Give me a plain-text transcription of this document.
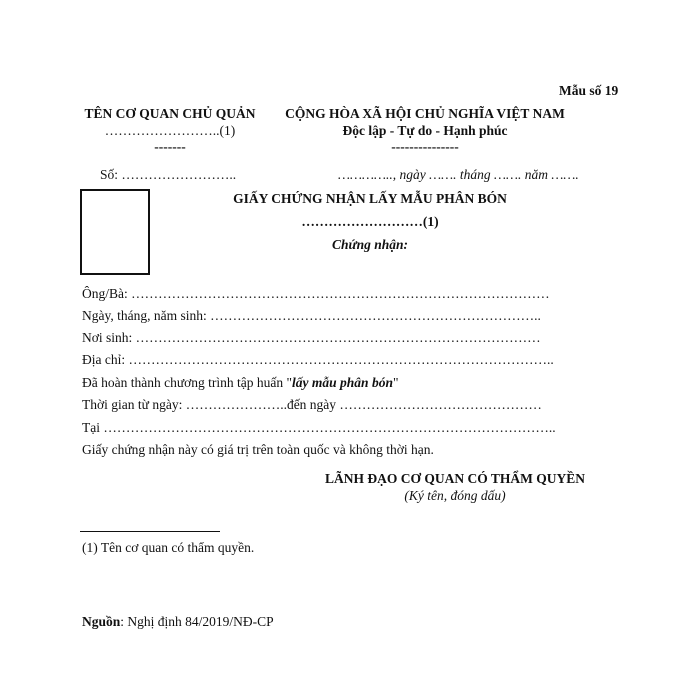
Mẫu số 19
TÊN CƠ QUAN CHỦ QUẢN
……………………..(1)
-------
CỘNG HÒA XÃ HỘI CHỦ NGHĨA VIỆT NAM
Độc lập - Tự do - Hạnh phúc
---------------
Số: ……………………..	………….., ngày ……. tháng ……. năm …….
GIẤY CHỨNG NHẬN LẤY MẪU PHÂN BÓN
………………………(1)
Chứng nhận:
Ông/Bà: …………………………………………………………………………………
Ngày, tháng, năm sinh: ………………………………………………………………..
Nơi sinh: ………………………………………………………………………………
Địa chỉ: …………………………………………………………………………………..
Đã hoàn thành chương trình tập huấn "lấy mẫu phân bón"
Thời gian từ ngày: …………………..đến ngày ………………………………………
Tại ………………………………………………………………………………………..
Giấy chứng nhận này có giá trị trên toàn quốc và không thời hạn.
LÃNH ĐẠO CƠ QUAN CÓ THẨM QUYỀN
(Ký tên, đóng dấu)
(1) Tên cơ quan có thẩm quyền.
Nguồn: Nghị định 84/2019/NĐ-CP
